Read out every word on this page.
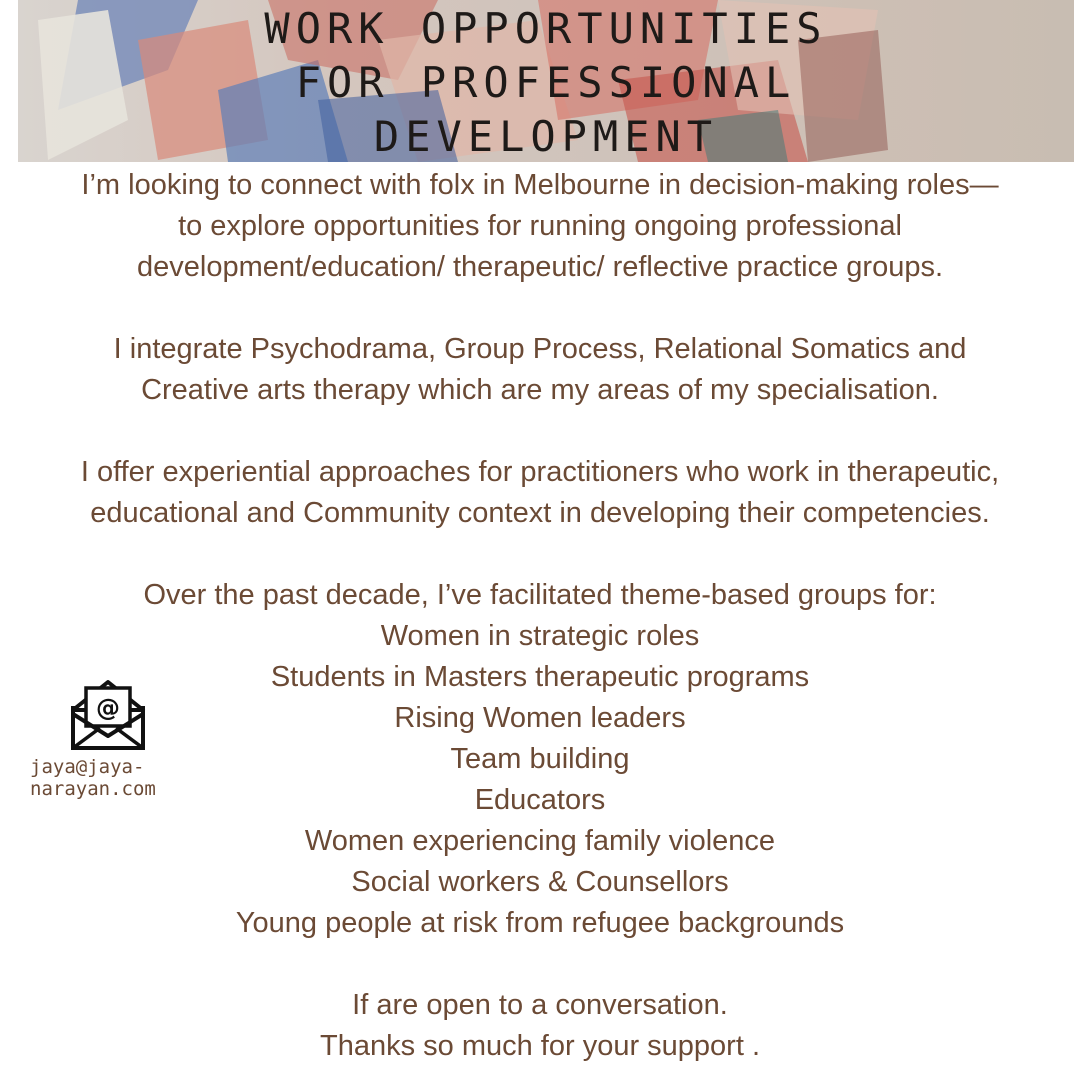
WORK OPPORTUNITIES
FOR PROFESSIONAL
DEVELOPMENT

I’m looking to connect with folx in Melbourne in decision-making roles—

to explore opportunities for running ongoing professional

development/education/ therapeutic/ reflective practice groups.

I integrate Psychodrama, Group Process, Relational Somatics and

Creative arts therapy which are my areas of my specialisation.

I offer experiential approaches for practitioners who work in therapeutic,

educational and Community context in developing their competencies.

Over the past decade, I’ve facilitated theme-based groups for:

Women in strategic roles

Students in Masters therapeutic programs

Rising Women leaders

Team building

Educators

Women experiencing family violence

Social workers & Counsellors

Young people at risk from refugee backgrounds

If are open to a conversation.

Thanks so much for your support .

@
jaya@jaya-
narayan.com
